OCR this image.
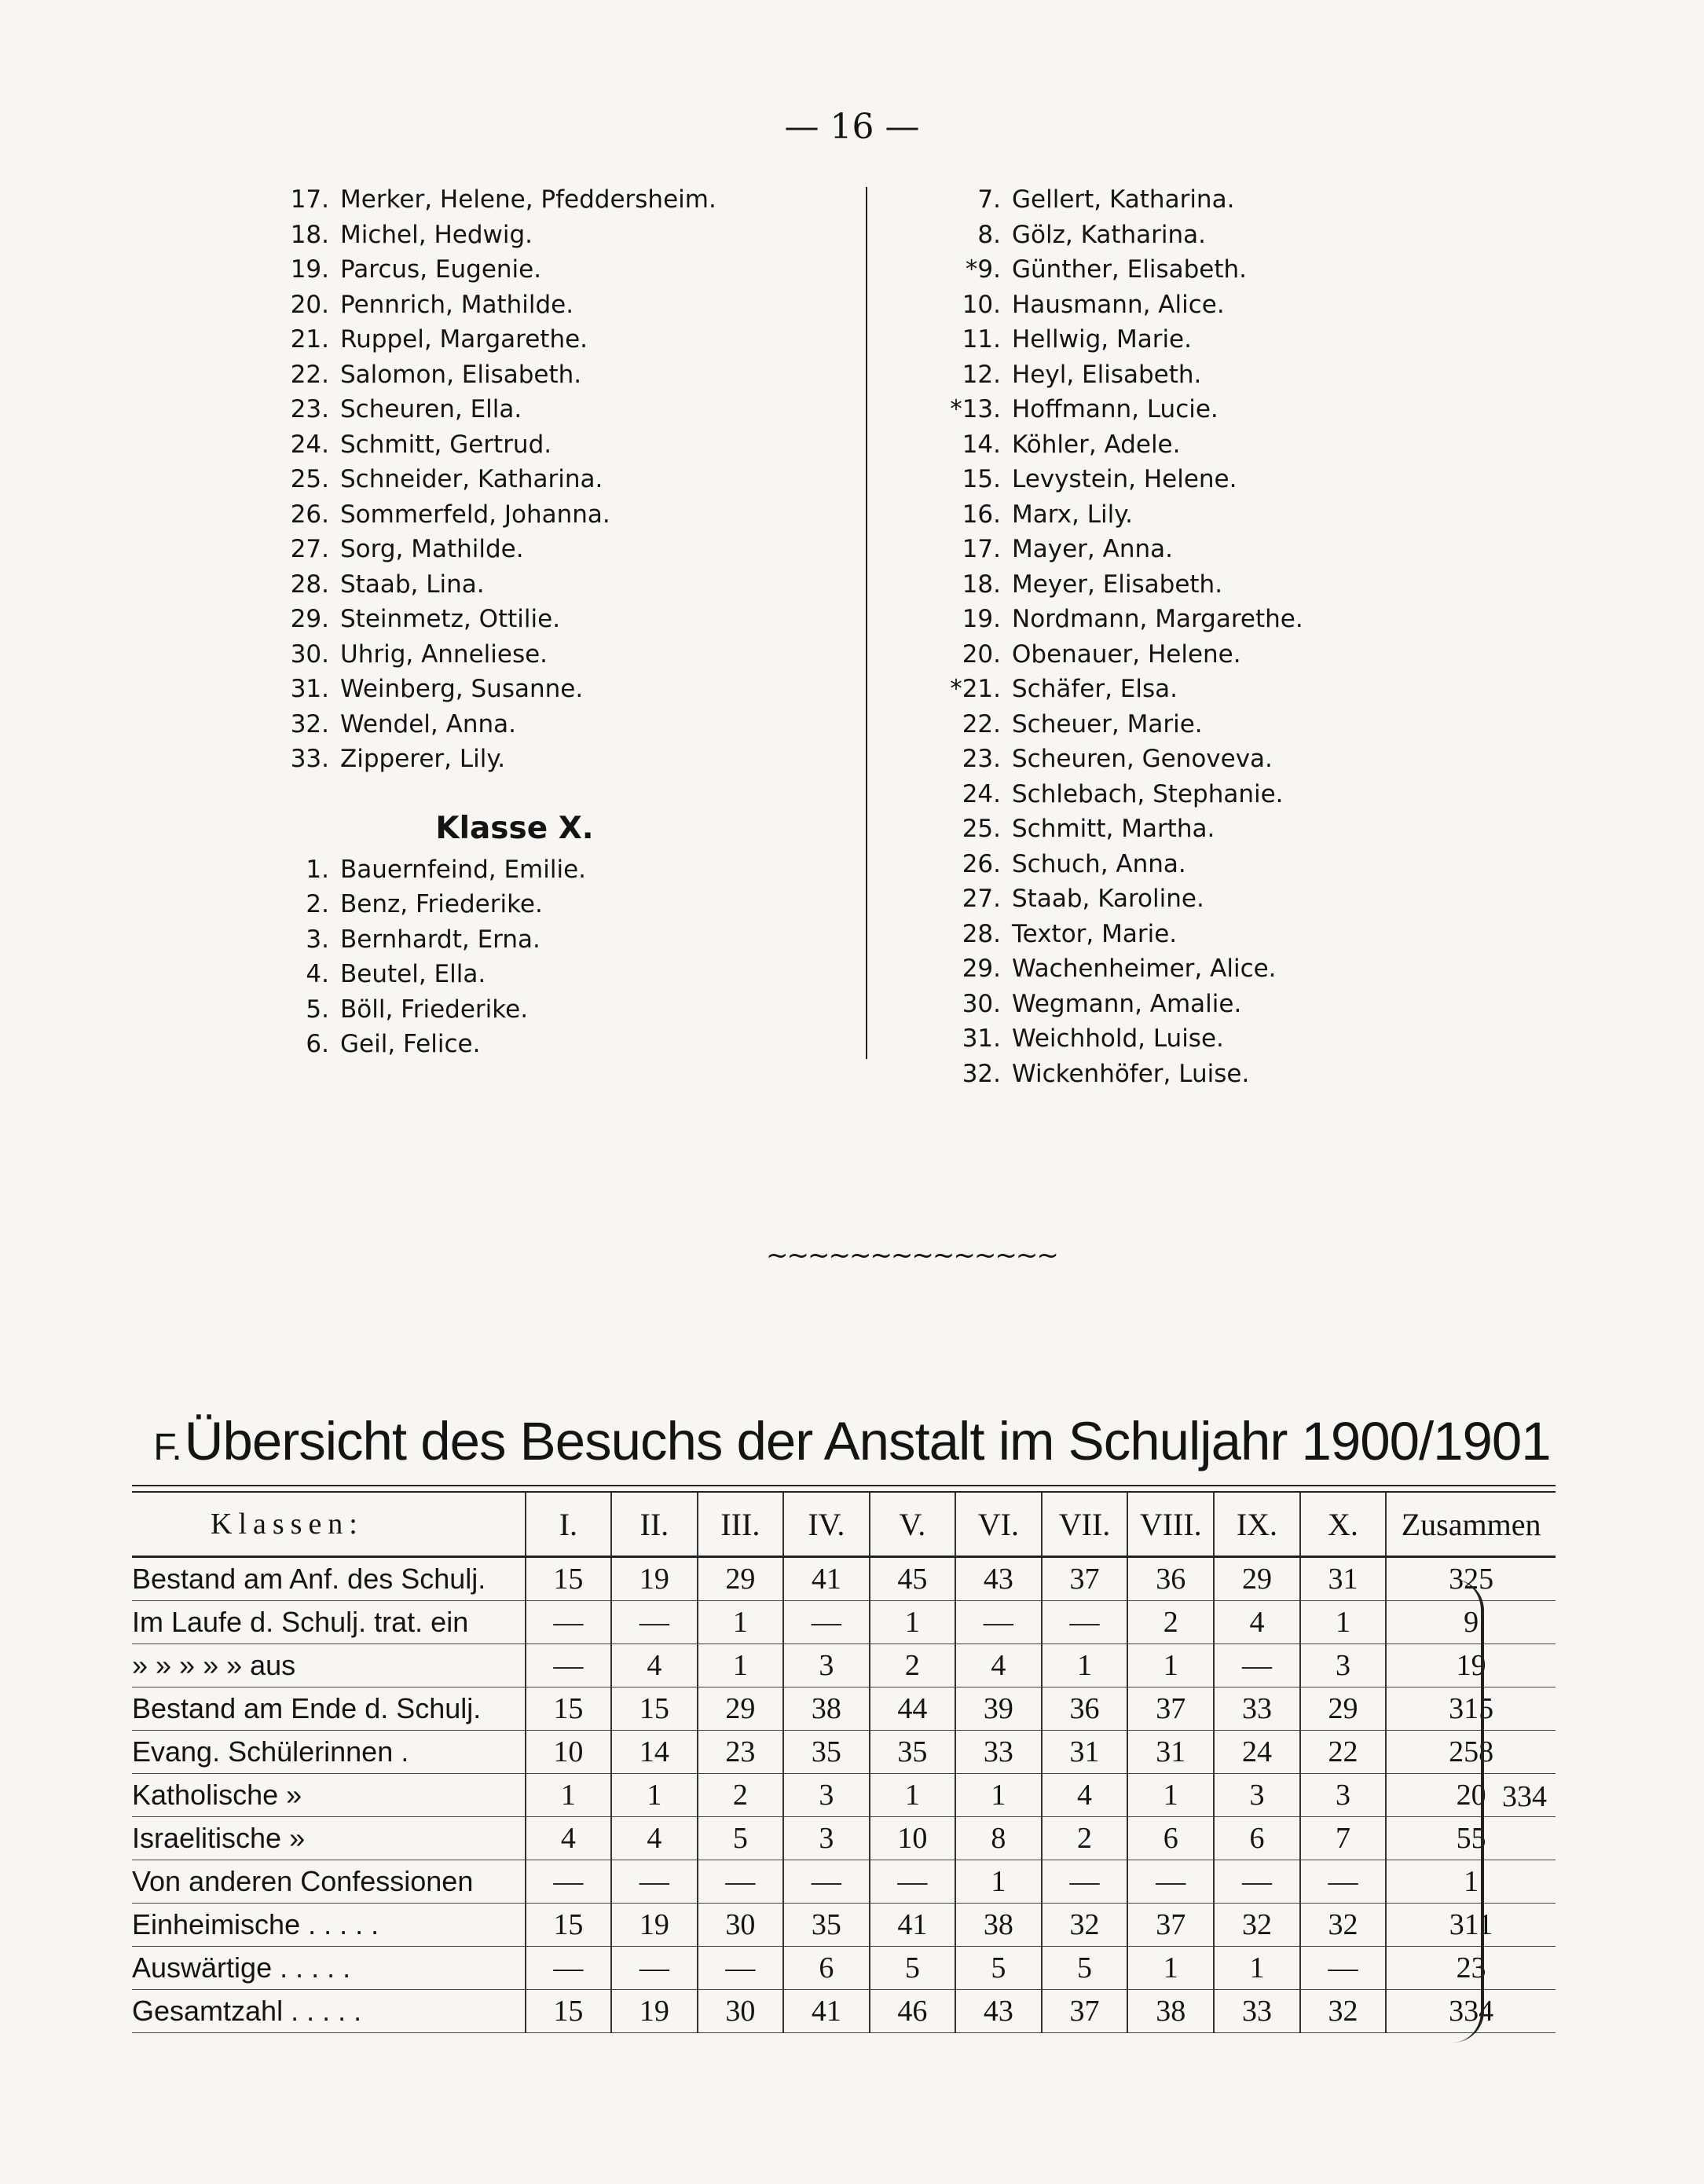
— 16 —
17. Merker, Helene, Pfeddersheim.
18. Michel, Hedwig.
19. Parcus, Eugenie.
20. Pennrich, Mathilde.
21. Ruppel, Margarethe.
22. Salomon, Elisabeth.
23. Scheuren, Ella.
24. Schmitt, Gertrud.
25. Schneider, Katharina.
26. Sommerfeld, Johanna.
27. Sorg, Mathilde.
28. Staab, Lina.
29. Steinmetz, Ottilie.
30. Uhrig, Anneliese.
31. Weinberg, Susanne.
32. Wendel, Anna.
33. Zipperer, Lily.
Klasse X.
1. Bauernfeind, Emilie.
2. Benz, Friederike.
3. Bernhardt, Erna.
4. Beutel, Ella.
5. Böll, Friederike.
6. Geil, Felice.
7. Gellert, Katharina.
8. Gölz, Katharina.
*9. Günther, Elisabeth.
10. Hausmann, Alice.
11. Hellwig, Marie.
12. Heyl, Elisabeth.
*13. Hoffmann, Lucie.
14. Köhler, Adele.
15. Levystein, Helene.
16. Marx, Lily.
17. Mayer, Anna.
18. Meyer, Elisabeth.
19. Nordmann, Margarethe.
20. Obenauer, Helene.
*21. Schäfer, Elsa.
22. Scheuer, Marie.
23. Scheuren, Genoveva.
24. Schlebach, Stephanie.
25. Schmitt, Martha.
26. Schuch, Anna.
27. Staab, Karoline.
28. Textor, Marie.
29. Wachenheimer, Alice.
30. Wegmann, Amalie.
31. Weichhold, Luise.
32. Wickenhöfer, Luise.
~~~~~~~~~~~~~~
F.Übersicht des Besuchs der Anstalt im Schuljahr 1900/1901
Klassen:	I.	II.	III.	IV.	V.	VI.	VII.	VIII.	IX.	X.	Zusammen
Bestand am Anf. des Schulj.	15	19	29	41	45	43	37	36	29	31	325
Im Laufe d. Schulj. trat. ein	—	—	1	—	1	—	—	2	4	1	9
» » » » » aus	—	4	1	3	2	4	1	1	—	3	19
Bestand am Ende d. Schulj.	15	15	29	38	44	39	36	37	33	29	315
Evang. Schülerinnen .	10	14	23	35	35	33	31	31	24	22	258
Katholische »	1	1	2	3	1	1	4	1	3	3	20
Israelitische »	4	4	5	3	10	8	2	6	6	7	55
Von anderen Confessionen	—	—	—	—	—	1	—	—	—	—	1
Einheimische . . . . .	15	19	30	35	41	38	32	37	32	32	311
Auswärtige . . . . .	—	—	—	6	5	5	5	1	1	—	23
Gesamtzahl . . . . .	15	19	30	41	46	43	37	38	33	32	334
334
